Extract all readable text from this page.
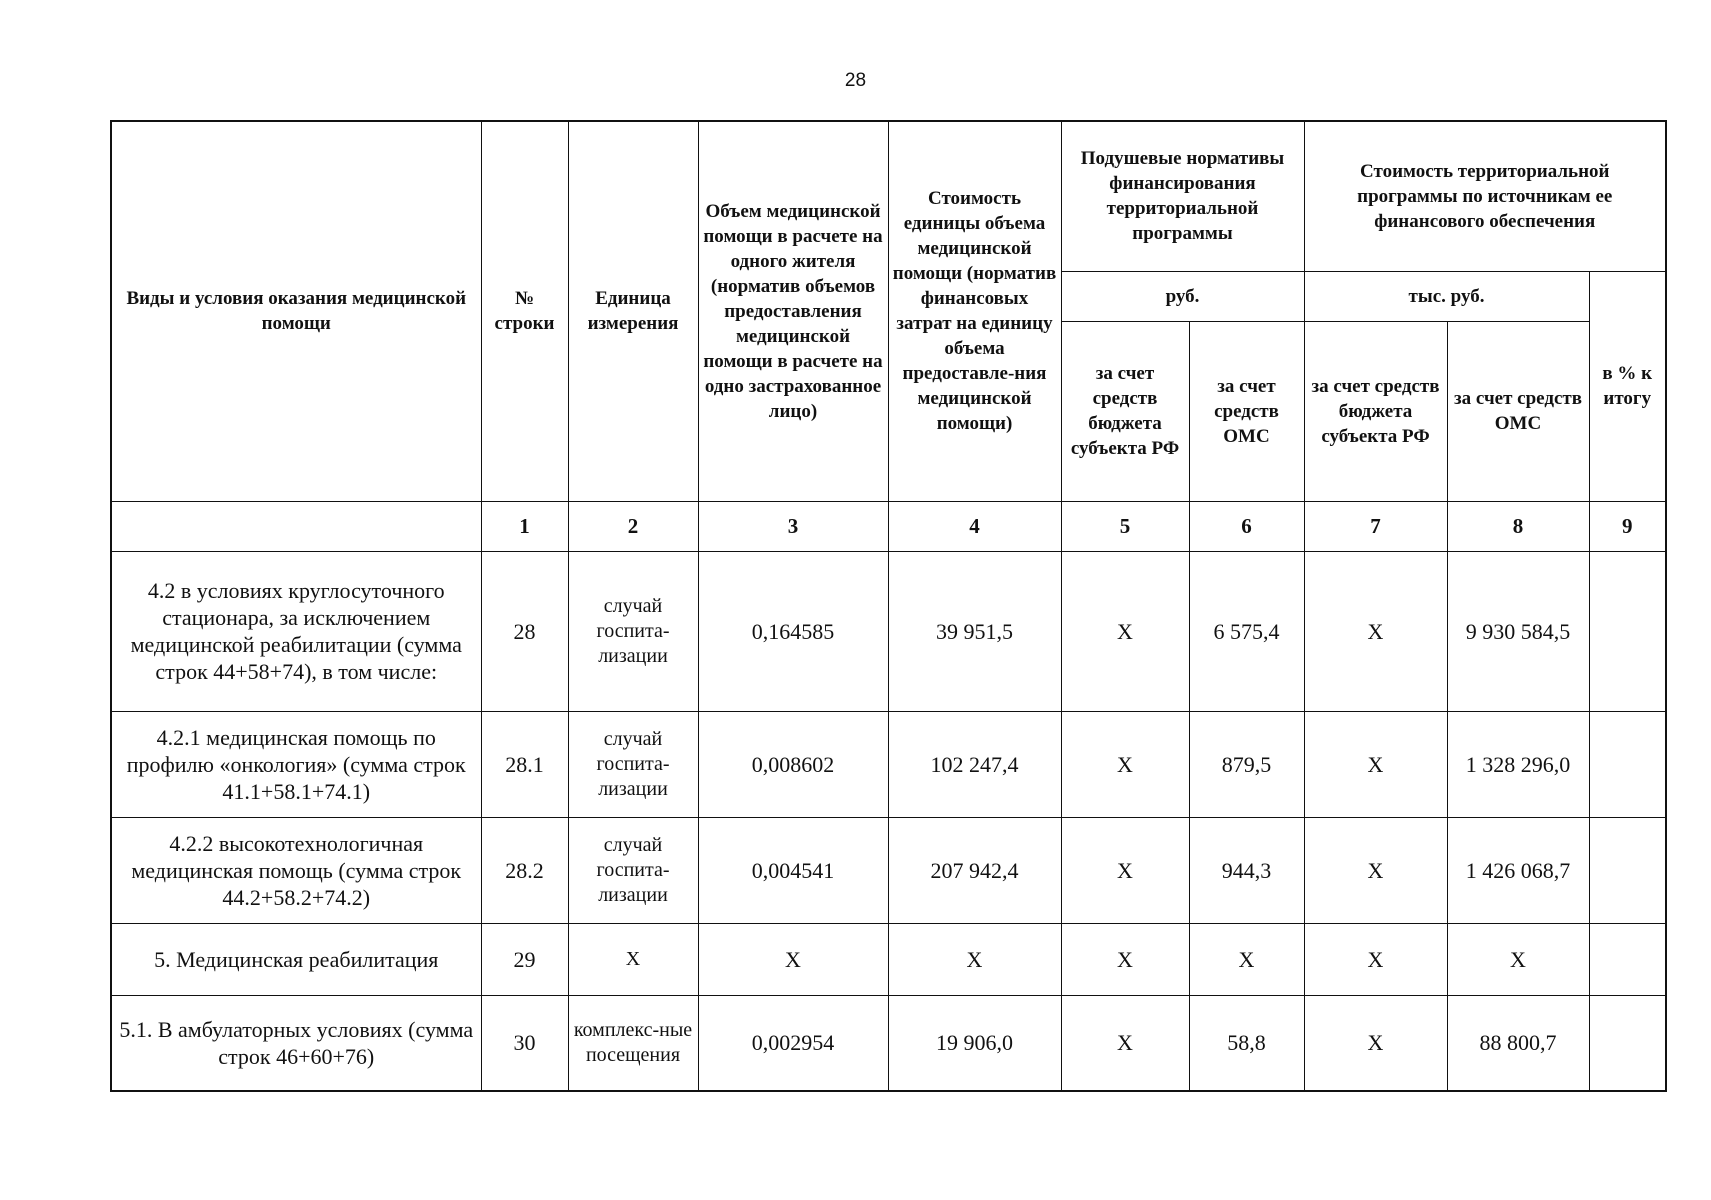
28
Виды и условия оказания медицинской помощи	№ строки	Единица измерения	Объем медицинской помощи в расчете на одного жителя (норматив объемов предоставления медицинской помощи в расчете на одно застрахованное лицо)	Стоимость единицы объема медицинской помощи (норматив финансовых затрат на единицу объема предоставле-ния медицинской помощи)	Подушевые нормативы финансирования территориальной программы		Стоимость территориальной программы по источникам ее финансового обеспечения		
					руб.		тыс. руб.		в % к итогу
					за счет средств бюджета субъекта РФ	за счет средств ОМС	за счет средств бюджета субъекта РФ	за счет средств ОМС	
	1	2	3	4	5	6	7	8	9
4.2 в условиях круглосуточного стационара, за исключением медицинской реабилитации (сумма строк 44+58+74), в том числе:	28	случай госпита-лизации	0,164585	39 951,5	X	6 575,4	X	9 930 584,5	
4.2.1 медицинская помощь по профилю «онкология» (сумма строк 41.1+58.1+74.1)	28.1	случай госпита-лизации	0,008602	102 247,4	X	879,5	X	1 328 296,0	
4.2.2 высокотехнологичная медицинская помощь (сумма строк 44.2+58.2+74.2)	28.2	случай госпита-лизации	0,004541	207 942,4	X	944,3	X	1 426 068,7	
5. Медицинская реабилитация	29	X	X	X	X	X	X	X	
5.1. В амбулаторных условиях (сумма строк 46+60+76)	30	комплекс-ные посещения	0,002954	19 906,0	X	58,8	X	88 800,7	
